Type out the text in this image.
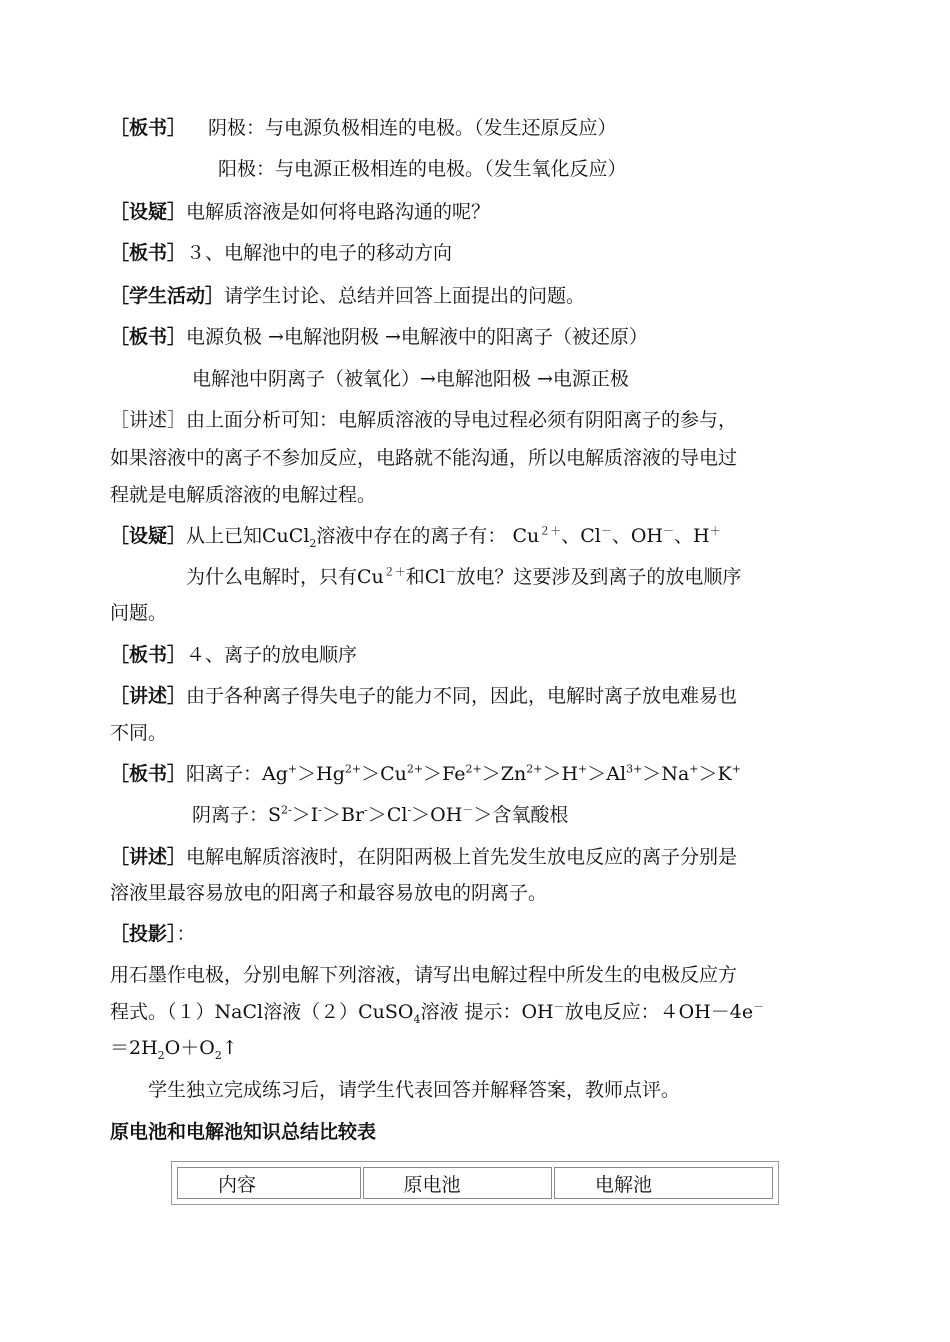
［板书］ 阴极：与电源负极相连的电极。（发生还原反应）
阳极：与电源正极相连的电极。（发生氧化反应）
［设疑］电解质溶液是如何将电路沟通的呢？
［板书］３、电解池中的电子的移动方向
［学生活动］请学生讨论、总结并回答上面提出的问题。
［板书］电源负极 →电解池阴极 →电解液中的阳离子（被还原）
电解池中阴离子（被氧化）→电解池阳极 →电源正极
［讲述］由上面分析可知：电解质溶液的导电过程必须有阴阳离子的参与，
如果溶液中的离子不参加反应，电路就不能沟通，所以电解质溶液的导电过
程就是电解质溶液的电解过程。
［设疑］从上已知CuCl$_2$溶液中存在的离子有： $Cu^{2+}$、Cl－、OH－、H＋
为什么电解时，只有$Cu^{2+}$和Cl－放电？这要涉及到离子的放电顺序
问题。
［板书］４、离子的放电顺序
［讲述］由于各种离子得失电子的能力不同，因此，电解时离子放电难易也
不同。
［板书］阳离子：$Ag^+>Hg^{2+}>Cu^{2+}>Fe^{2+}>Zn^{2+}>H^+>Al^{3+}>Na^+>K^+$
阴离子：$S^{2-}>I^->Br^->Cl^->OH^->$含氧酸根
［讲述］电解电解质溶液时，在阴阳两极上首先发生放电反应的离子分别是
溶液里最容易放电的阳离子和最容易放电的阴离子。
［投影］：
用石墨作电极，分别电解下列溶液，请写出电解过程中所发生的电极反应方
程式。（１）NaCl溶液（２）CuSO$_4$溶液 提示：OH－放电反应：４OH－4e－
$=2H_2O+O_2↑$
学生独立完成练习后，请学生代表回答并解释答案，教师点评。
原电池和电解池知识总结比较表
内容	原电池	电解池
